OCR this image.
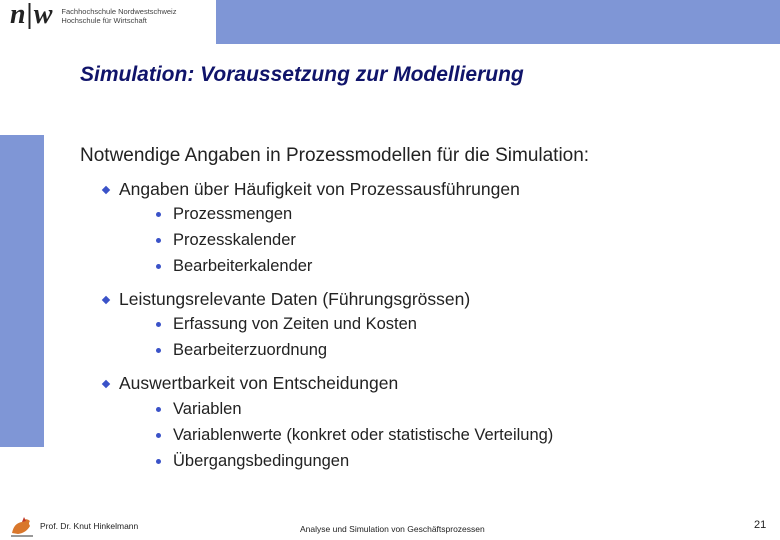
n|w Fachhochschule Nordwestschweiz
Hochschule für Wirtschaft
Simulation: Voraussetzung zur Modellierung
Notwendige Angaben in Prozessmodellen für die Simulation:
Angaben über Häufigkeit von Prozessausführungen
Prozessmengen
Prozesskalender
Bearbeiterkalender
Leistungsrelevante Daten (Führungsgrössen)
Erfassung von Zeiten und Kosten
Bearbeiterzuordnung
Auswertbarkeit von Entscheidungen
Variablen
Variablenwerte (konkret oder statistische Verteilung)
Übergangsbedingungen
Prof. Dr. Knut Hinkelmann	Analyse und Simulation von Geschäftsprozessen	21
